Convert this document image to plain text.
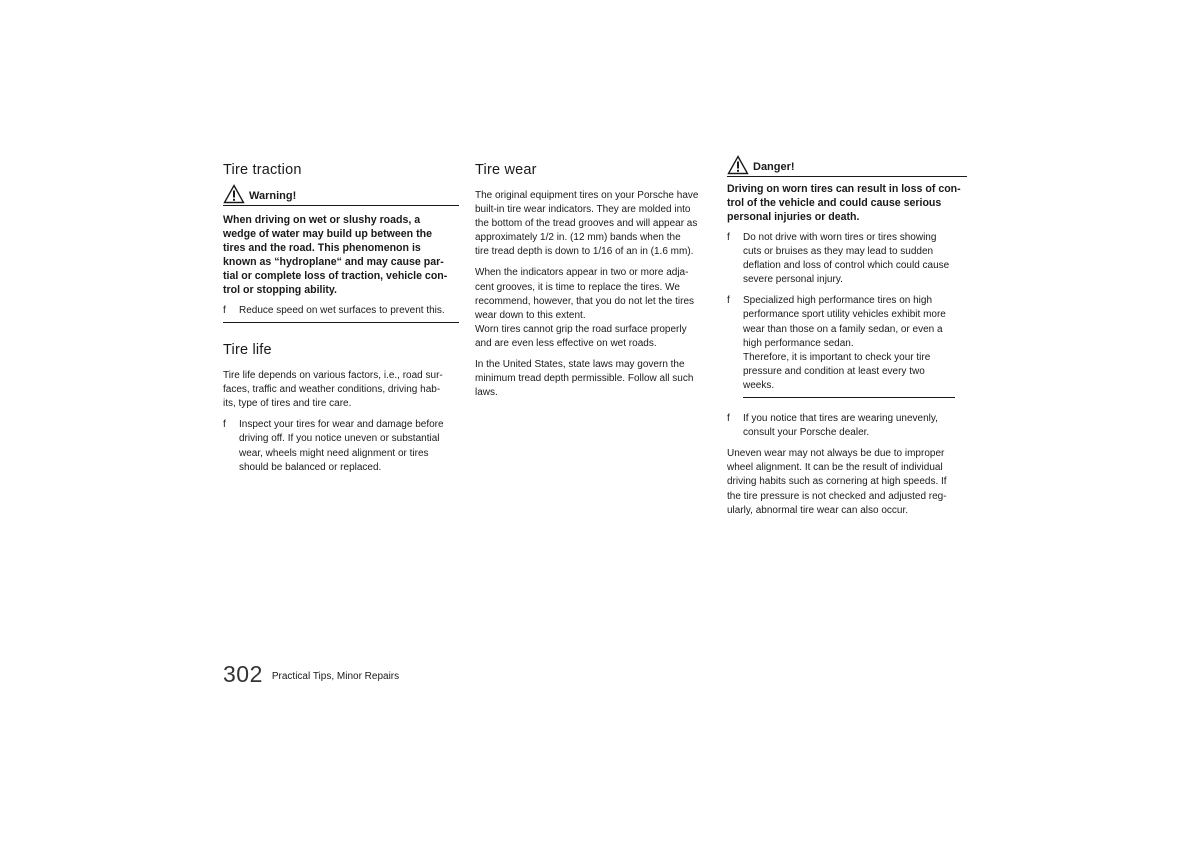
Tire traction
Warning!
When driving on wet or slushy roads, a
wedge of water may build up between the
tires and the road. This phenomenon is
known as “hydroplane“ and may cause par-
tial or complete loss of traction, vehicle con-
trol or stopping ability.
f	Reduce speed on wet surfaces to prevent this.
Tire life
Tire life depends on various factors, i.e., road sur-
faces, traffic and weather conditions, driving hab-
its, type of tires and tire care.
f	Inspect your tires for wear and damage before
driving off. If you notice uneven or substantial
wear, wheels might need alignment or tires
should be balanced or replaced.
Tire wear
The original equipment tires on your Porsche have
built-in tire wear indicators. They are molded into
the bottom of the tread grooves and will appear as
approximately 1/2 in. (12 mm) bands when the
tire tread depth is down to 1/16 of an in (1.6 mm).
When the indicators appear in two or more adja-
cent grooves, it is time to replace the tires. We
recommend, however, that you do not let the tires
wear down to this extent.
Worn tires cannot grip the road surface properly
and are even less effective on wet roads.
In the United States, state laws may govern the
minimum tread depth permissible. Follow all such
laws.
Danger!
Driving on worn tires can result in loss of con-
trol of the vehicle and could cause serious
personal injuries or death.
f	Do not drive with worn tires or tires showing
cuts or bruises as they may lead to sudden
deflation and loss of control which could cause
severe personal injury.
f	Specialized high performance tires on high
performance sport utility vehicles exhibit more
wear than those on a family sedan, or even a
high performance sedan.
Therefore, it is important to check your tire
pressure and condition at least every two
weeks.
f	If you notice that tires are wearing unevenly,
consult your Porsche dealer.
Uneven wear may not always be due to improper
wheel alignment. It can be the result of individual
driving habits such as cornering at high speeds. If
the tire pressure is not checked and adjusted reg-
ularly, abnormal tire wear can also occur.
302 Practical Tips, Minor Repairs
